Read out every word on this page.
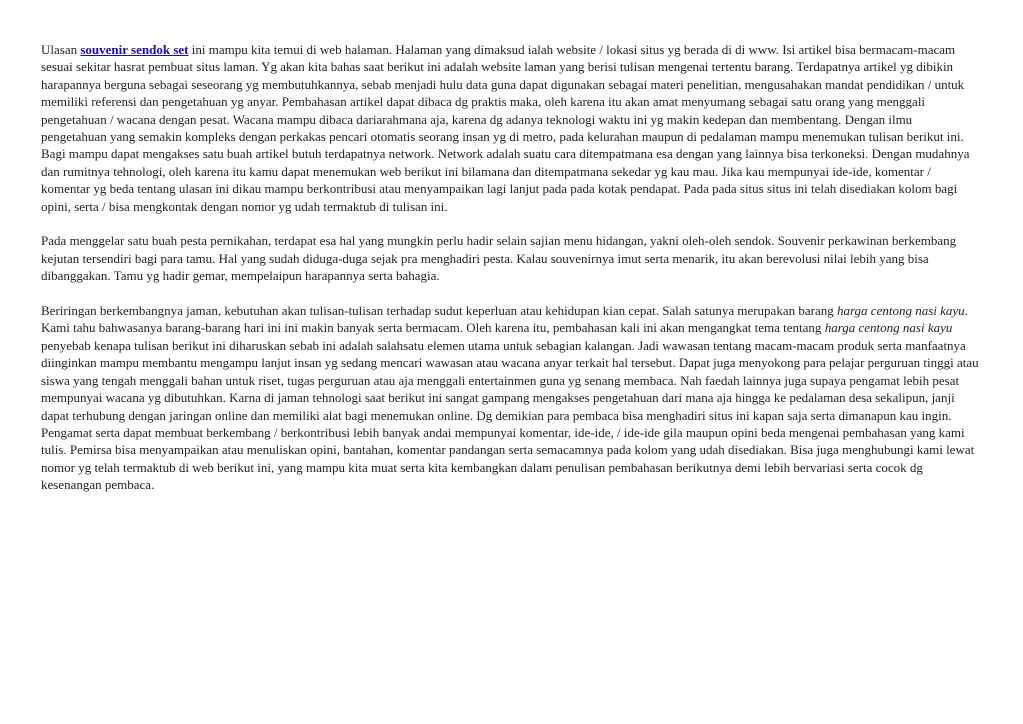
Ulasan souvenir sendok set ini mampu kita temui di web halaman. Halaman yang dimaksud ialah website / lokasi situs yg berada di di www. Isi artikel bisa bermacam-macam sesuai sekitar hasrat pembuat situs laman. Yg akan kita bahas saat berikut ini adalah website laman yang berisi tulisan mengenai tertentu barang. Terdapatnya artikel yg dibikin harapannya berguna sebagai seseorang yg membutuhkannya, sebab menjadi hulu data guna dapat digunakan sebagai materi penelitian, mengusahakan mandat pendidikan / untuk memiliki referensi dan pengetahuan yg anyar. Pembahasan artikel dapat dibaca dg praktis maka, oleh karena itu akan amat menyumang sebagai satu orang yang menggali pengetahuan / wacana dengan pesat. Wacana mampu dibaca dariarahmana aja, karena dg adanya teknologi waktu ini yg makin kedepan dan membentang. Dengan ilmu pengetahuan yang semakin kompleks dengan perkakas pencari otomatis seorang insan yg di metro, pada kelurahan maupun di pedalaman mampu menemukan tulisan berikut ini. Bagi mampu dapat mengakses satu buah artikel butuh terdapatnya network. Network adalah suatu cara ditempatmana esa dengan yang lainnya bisa terkoneksi. Dengan mudahnya dan rumitnya tehnologi, oleh karena itu kamu dapat menemukan web berikut ini bilamana dan ditempatmana sekedar yg kau mau. Jika kau mempunyai ide-ide, komentar / komentar yg beda tentang ulasan ini dikau mampu berkontribusi atau menyampaikan lagi lanjut pada pada kotak pendapat. Pada pada situs situs ini telah disediakan kolom bagi opini, serta / bisa mengkontak dengan nomor yg udah termaktub di tulisan ini.

Pada menggelar satu buah pesta pernikahan, terdapat esa hal yang mungkin perlu hadir selain sajian menu hidangan, yakni oleh-oleh sendok. Souvenir perkawinan berkembang kejutan tersendiri bagi para tamu. Hal yang sudah diduga-duga sejak pra menghadiri pesta. Kalau souvenirnya imut serta menarik, itu akan berevolusi nilai lebih yang bisa dibanggakan. Tamu yg hadir gemar, mempelaipun harapannya serta bahagia.

Beriringan berkembangnya jaman, kebutuhan akan tulisan-tulisan terhadap sudut keperluan atau kehidupan kian cepat. Salah satunya merupakan barang harga centong nasi kayu. Kami tahu bahwasanya barang-barang hari ini ini makin banyak serta bermacam. Oleh karena itu, pembahasan kali ini akan mengangkat tema tentang harga centong nasi kayu penyebab kenapa tulisan berikut ini diharuskan sebab ini adalah salahsatu elemen utama untuk sebagian kalangan. Jadi wawasan tentang macam-macam produk serta manfaatnya diinginkan mampu membantu mengampu lanjut insan yg sedang mencari wawasan atau wacana anyar terkait hal tersebut. Dapat juga menyokong para pelajar perguruan tinggi atau siswa yang tengah menggali bahan untuk riset, tugas perguruan atau aja menggali entertainmen guna yg senang membaca. Nah faedah lainnya juga supaya pengamat lebih pesat mempunyai wacana yg dibutuhkan. Karna di jaman tehnologi saat berikut ini sangat gampang mengakses pengetahuan dari mana aja hingga ke pedalaman desa sekalipun, janji dapat terhubung dengan jaringan online dan memiliki alat bagi menemukan online. Dg demikian para pembaca bisa menghadiri situs ini kapan saja serta dimanapun kau ingin. Pengamat serta dapat membuat berkembang / berkontribusi lebih banyak andai mempunyai komentar, ide-ide, / ide-ide gila maupun opini beda mengenai pembahasan yang kami tulis. Pemirsa bisa menyampaikan atau menuliskan opini, bantahan, komentar pandangan serta semacamnya pada kolom yang udah disediakan. Bisa juga menghubungi kami lewat nomor yg telah termaktub di web berikut ini, yang mampu kita muat serta kita kembangkan dalam penulisan pembahasan berikutnya demi lebih bervariasi serta cocok dg kesenangan pembaca.
